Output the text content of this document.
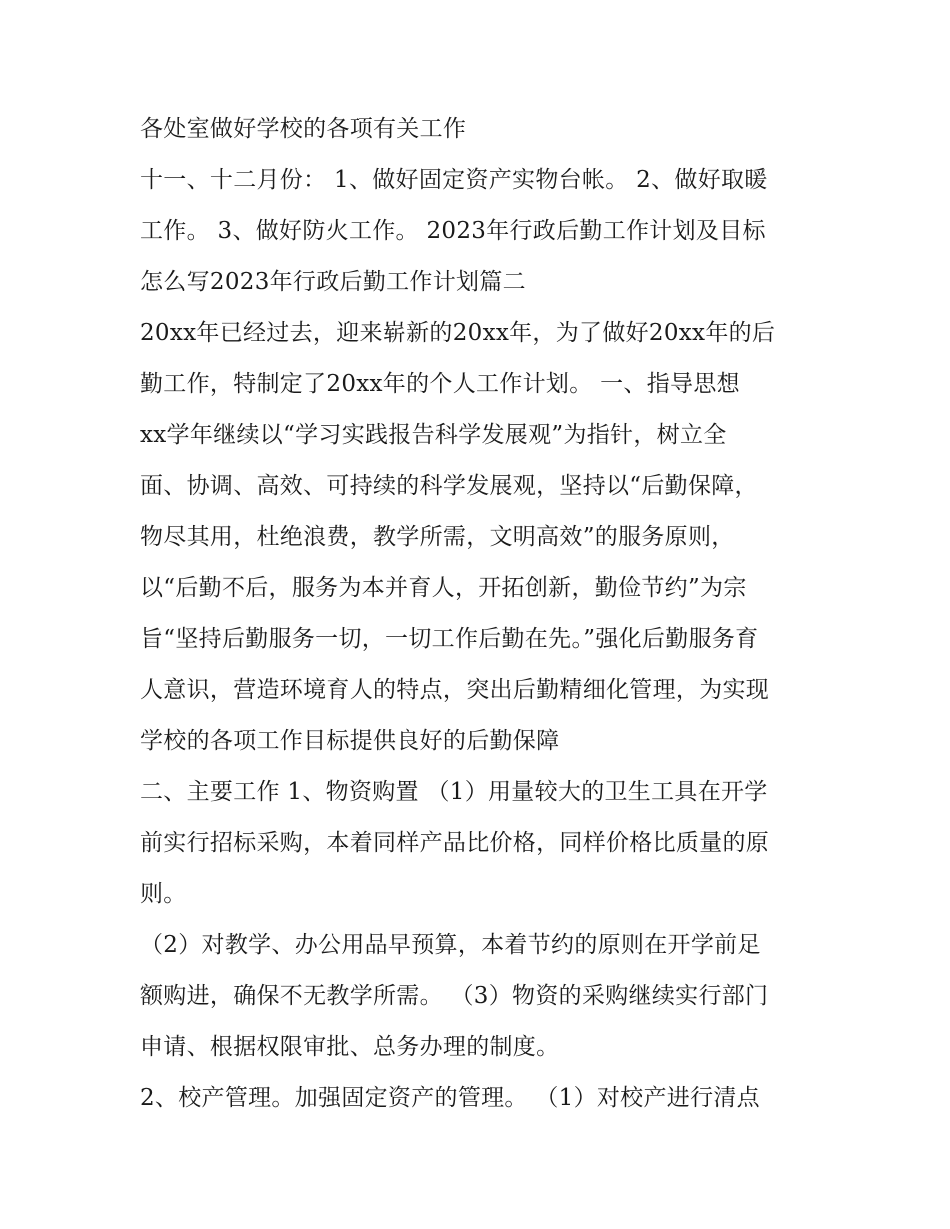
各处室做好学校的各项有关工作
十一、十二月份： 1、做好固定资产实物台帐。 2、做好取暖
工作。 3、做好防火工作。 2023年行政后勤工作计划及目标
怎么写2023年行政后勤工作计划篇二
20xx年已经过去，迎来崭新的20xx年，为了做好20xx年的后
勤工作，特制定了20xx年的个人工作计划。 一、指导思想
xx学年继续以“学习实践报告科学发展观”为指针，树立全
面、协调、高效、可持续的科学发展观，坚持以“后勤保障，
物尽其用，杜绝浪费，教学所需，文明高效”的服务原则，
以“后勤不后，服务为本并育人，开拓创新，勤俭节约”为宗
旨“坚持后勤服务一切，一切工作后勤在先。”强化后勤服务育
人意识，营造环境育人的特点，突出后勤精细化管理，为实现
学校的各项工作目标提供良好的后勤保障
二、主要工作 1、物资购置 （1）用量较大的卫生工具在开学
前实行招标采购，本着同样产品比价格，同样价格比质量的原
则。
（2）对教学、办公用品早预算，本着节约的原则在开学前足
额购进，确保不无教学所需。 （3）物资的采购继续实行部门
申请、根据权限审批、总务办理的制度。
2、校产管理。加强固定资产的管理。 （1）对校产进行清点
